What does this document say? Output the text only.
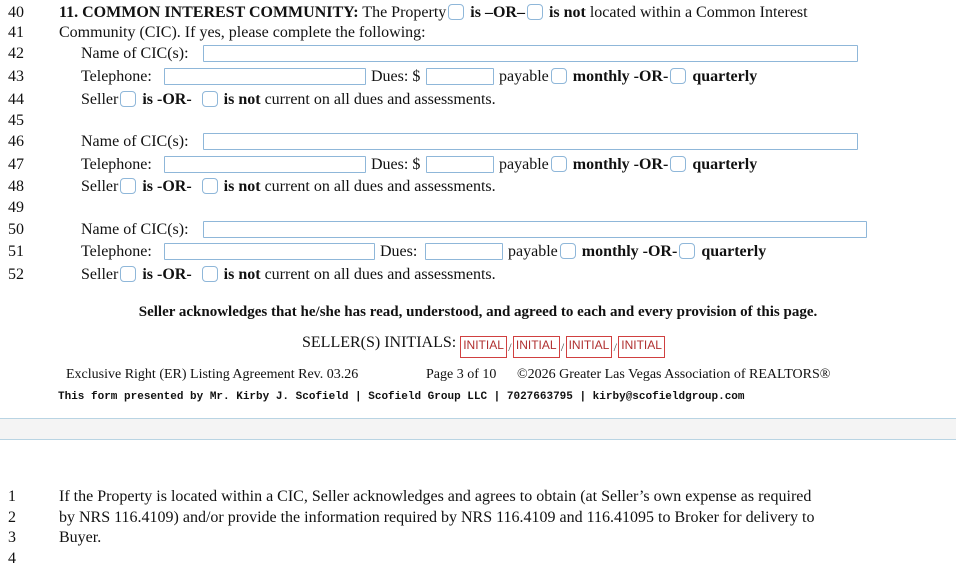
40
41
42
43
44
45
46
47
48
49
50
51
52
11. COMMON INTEREST COMMUNITY: The Property is –OR– is not located within a Common Interest
Community (CIC). If yes, please complete the following:
Name of CIC(s):
Telephone:	Dues: $	payable monthly -OR- quarterly
Seller is -OR- is not current on all dues and assessments.
Name of CIC(s):
Telephone:	Dues: $	payable monthly -OR- quarterly
Seller is -OR- is not current on all dues and assessments.
Name of CIC(s):
Telephone:	Dues:	payable monthly -OR- quarterly
Seller is -OR- is not current on all dues and assessments.
Seller acknowledges that he/she has read, understood, and agreed to each and every provision of this page.
SELLER(S) INITIALS: INITIAL / INITIAL / INITIAL / INITIAL
Exclusive Right (ER) Listing Agreement Rev. 03.26	Page 3 of 10 ©2026 Greater Las Vegas Association of REALTORS®
This form presented by Mr. Kirby J. Scofield | Scofield Group LLC | 7027663795 | kirby@scofieldgroup.com
1
2
3
4
If the Property is located within a CIC, Seller acknowledges and agrees to obtain (at Seller’s own expense as required
by NRS 116.4109) and/or provide the information required by NRS 116.4109 and 116.41095 to Broker for delivery to
Buyer.
